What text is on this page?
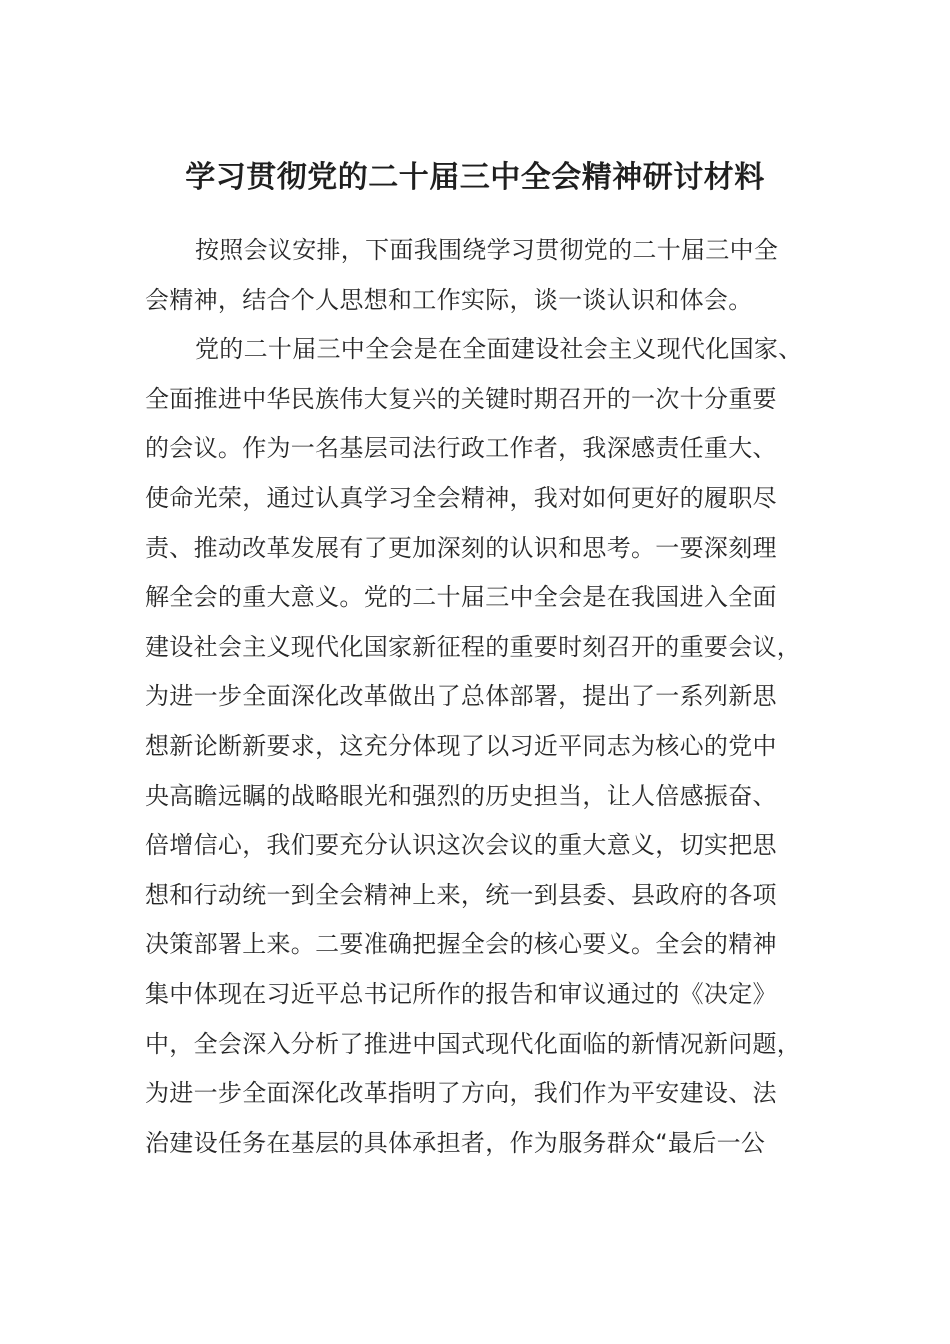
学习贯彻党的二十届三中全会精神研讨材料

按照会议安排，下面我围绕学习贯彻党的二十届三中全

会精神，结合个人思想和工作实际，谈一谈认识和体会。

党的二十届三中全会是在全面建设社会主义现代化国家、

全面推进中华民族伟大复兴的关键时期召开的一次十分重要

的会议。作为一名基层司法行政工作者，我深感责任重大、

使命光荣，通过认真学习全会精神，我对如何更好的履职尽

责、推动改革发展有了更加深刻的认识和思考。一要深刻理

解全会的重大意义。党的二十届三中全会是在我国进入全面

建设社会主义现代化国家新征程的重要时刻召开的重要会议，

为进一步全面深化改革做出了总体部署，提出了一系列新思

想新论断新要求，这充分体现了以习近平同志为核心的党中

央高瞻远瞩的战略眼光和强烈的历史担当，让人倍感振奋、

倍增信心，我们要充分认识这次会议的重大意义，切实把思

想和行动统一到全会精神上来，统一到县委、县政府的各项

决策部署上来。二要准确把握全会的核心要义。全会的精神

集中体现在习近平总书记所作的报告和审议通过的《决定》

中，全会深入分析了推进中国式现代化面临的新情况新问题，

为进一步全面深化改革指明了方向，我们作为平安建设、法

治建设任务在基层的具体承担者，作为服务群众“最后一公
